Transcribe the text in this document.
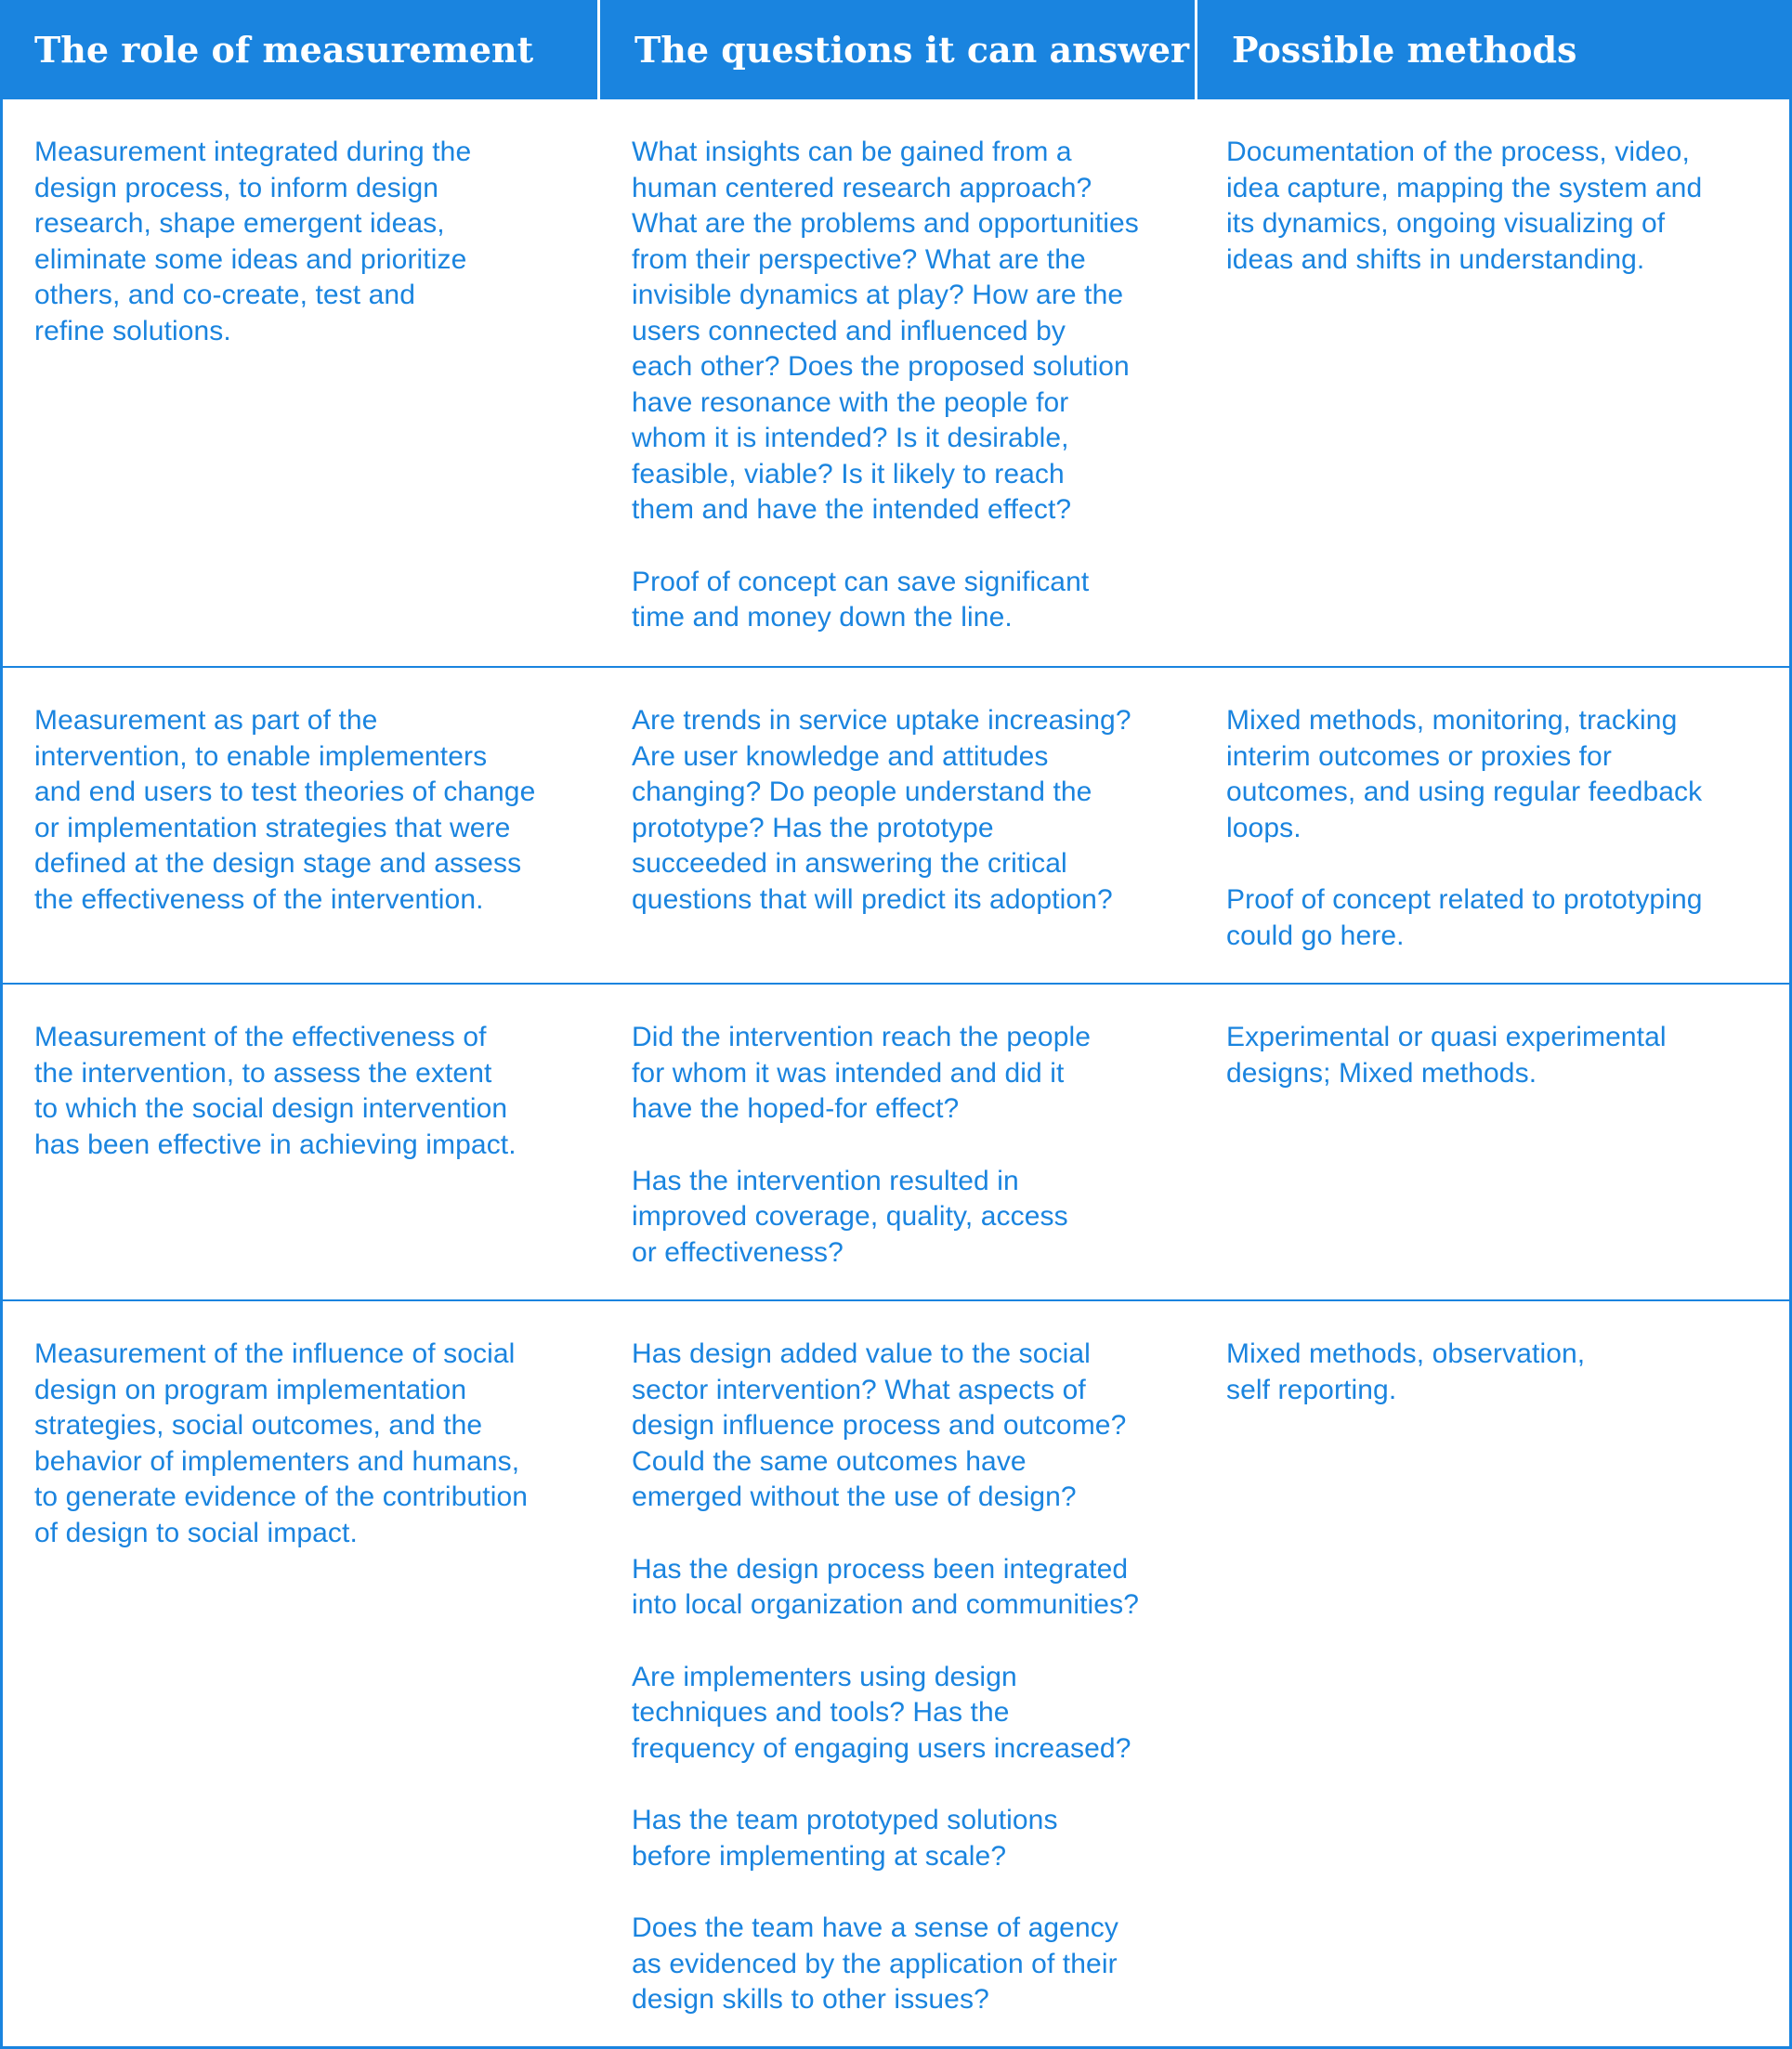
The role of measurement	The questions it can answer	Possible methods

Measurement integrated during the
design process, to inform design
research, shape emergent ideas,
eliminate some ideas and prioritize
others, and co-create, test and
refine solutions.

What insights can be gained from a
human centered research approach?
What are the problems and opportunities
from their perspective? What are the
invisible dynamics at play? How are the
users connected and influenced by
each other? Does the proposed solution
have resonance with the people for
whom it is intended? Is it desirable,
feasible, viable? Is it likely to reach
them and have the intended effect?

Proof of concept can save significant
time and money down the line.

Documentation of the process, video,
idea capture, mapping the system and
its dynamics, ongoing visualizing of
ideas and shifts in understanding.

Measurement as part of the
intervention, to enable implementers
and end users to test theories of change
or implementation strategies that were
defined at the design stage and assess
the effectiveness of the intervention.

Are trends in service uptake increasing?
Are user knowledge and attitudes
changing? Do people understand the
prototype? Has the prototype
succeeded in answering the critical
questions that will predict its adoption?

Mixed methods, monitoring, tracking
interim outcomes or proxies for
outcomes, and using regular feedback
loops.

Proof of concept related to prototyping
could go here.

Measurement of the effectiveness of
the intervention, to assess the extent
to which the social design intervention
has been effective in achieving impact.

Did the intervention reach the people
for whom it was intended and did it
have the hoped-for effect?

Has the intervention resulted in
improved coverage, quality, access
or effectiveness?

Experimental or quasi experimental
designs; Mixed methods.

Measurement of the influence of social
design on program implementation
strategies, social outcomes, and the
behavior of implementers and humans,
to generate evidence of the contribution
of design to social impact.

Has design added value to the social
sector intervention? What aspects of
design influence process and outcome?
Could the same outcomes have
emerged without the use of design?

Has the design process been integrated
into local organization and communities?

Are implementers using design
techniques and tools? Has the
frequency of engaging users increased?

Has the team prototyped solutions
before implementing at scale?

Does the team have a sense of agency
as evidenced by the application of their
design skills to other issues?

Mixed methods, observation,
self reporting.
